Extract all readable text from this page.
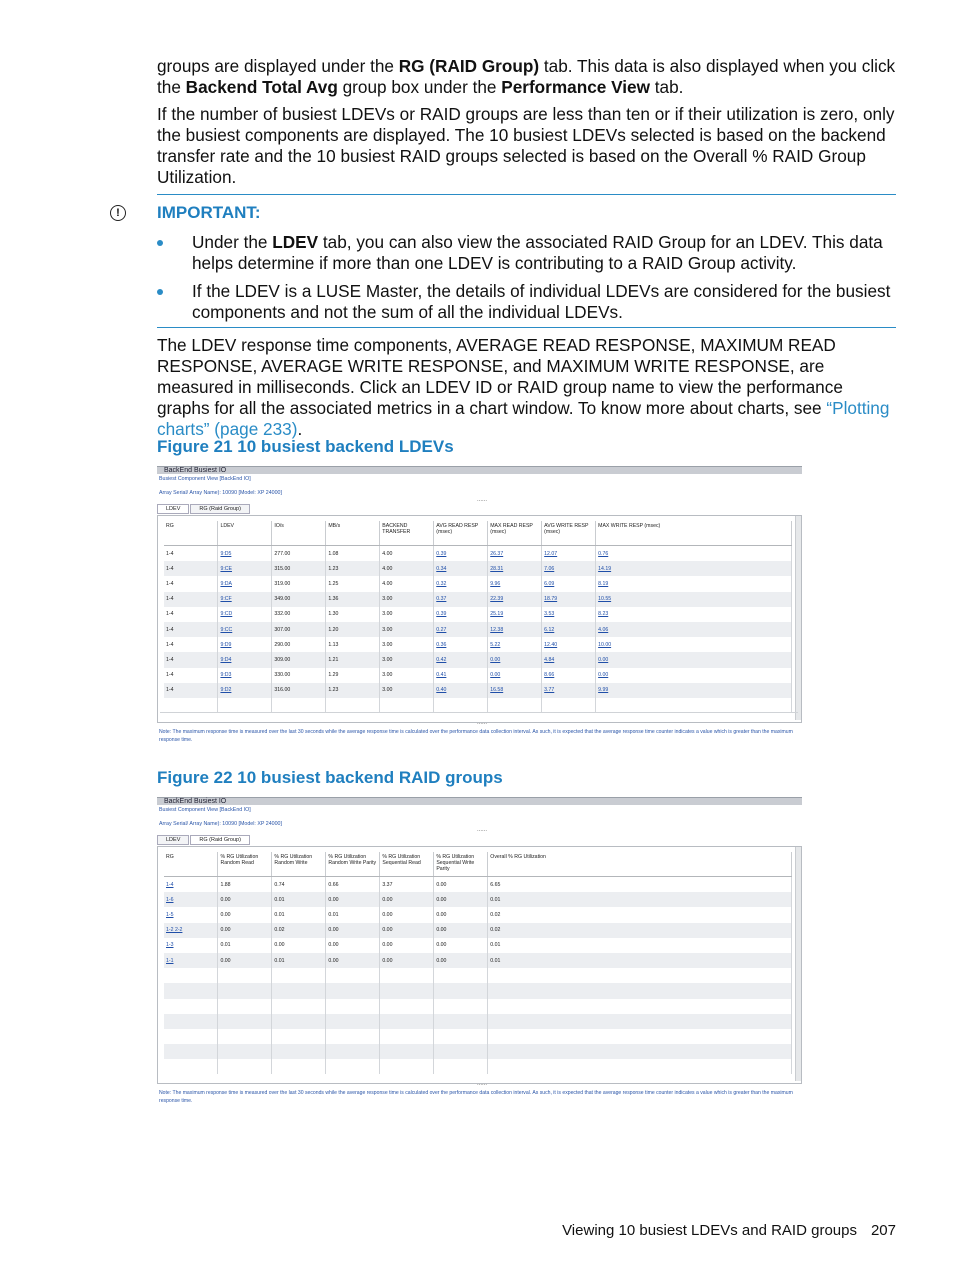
groups are displayed under the RG (RAID Group) tab. This data is also displayed when you click the Backend Total Avg group box under the Performance View tab.
If the number of busiest LDEVs or RAID groups are less than ten or if their utilization is zero, only the busiest components are displayed. The 10 busiest LDEVs selected is based on the backend transfer rate and the 10 busiest RAID groups selected is based on the Overall % RAID Group Utilization.
!	IMPORTANT:
Under the LDEV tab, you can also view the associated RAID Group for an LDEV. This data helps determine if more than one LDEV is contributing to a RAID Group activity.
If the LDEV is a LUSE Master, the details of individual LDEVs are considered for the busiest components and not the sum of all the individual LDEVs.
The LDEV response time components, AVERAGE READ RESPONSE, MAXIMUM READ RESPONSE, AVERAGE WRITE RESPONSE, and MAXIMUM WRITE RESPONSE, are measured in milliseconds. Click an LDEV ID or RAID group name to view the performance graphs for all the associated metrics in a chart window. To know more about charts, see “Plotting charts” (page 233).
Figure 21 10 busiest backend LDEVs
BackEnd Busiest IO
Busiest Component View [BackEnd IO]
Array Serial/ Array Name): 10090 [Model: XP 24000]
......
LDEV	RG (Raid Group)
RG	LDEV	IO/s	MB/s	BACKEND TRANSFER	AVG READ RESP (msec)	MAX READ RESP (msec)	AVG WRITE RESP (msec)	MAX WRITE RESP (msec)
1-4	9:D5	277.00	1.08	4.00	0.39	26.37	12.07	0.76
1-4	9:CE	315.00	1.23	4.00	0.34	28.31	7.06	14.19
1-4	9:DA	319.00	1.25	4.00	0.32	9.96	6.09	8.19
1-4	9:CF	349.00	1.36	3.00	0.37	22.39	18.79	10.55
1-4	9:CD	332.00	1.30	3.00	0.39	25.19	3.53	8.23
1-4	9:CC	307.00	1.20	3.00	0.27	12.38	6.12	4.06
1-4	9:D9	290.00	1.13	3.00	0.36	5.22	12.40	10.00
1-4	9:D4	309.00	1.21	3.00	0.42	0.00	4.84	0.00
1-4	9:D3	330.00	1.29	3.00	0.41	0.00	8.66	0.00
1-4	9:D2	316.00	1.23	3.00	0.40	16.58	3.77	9.99

......
Note: The maximum response time is measured over the last 30 seconds while the average response time is calculated over the performance data collection interval. As such, it is expected that the average response time counter indicates a value which is greater than the maximum response time.
Figure 22 10 busiest backend RAID groups
BackEnd Busiest IO
Busiest Component View [BackEnd IO]
Array Serial/ Array Name): 10090 [Model: XP 24000]
......
LDEV	RG (Raid Group)
RG	% RG Utilization Random Read	% RG Utilization Random Write	% RG Utilization Random Write Parity	% RG Utilization Sequential Read	% RG Utilization Sequential Write Parity	Overall % RG Utilization
1-4	1.88	0.74	0.66	3.37	0.00	6.65
1-6	0.00	0.01	0.00	0.00	0.00	0.01
1-5	0.00	0.01	0.01	0.00	0.00	0.02
1-2 2-2	0.00	0.02	0.00	0.00	0.00	0.02
1-3	0.01	0.00	0.00	0.00	0.00	0.01
1-1	0.00	0.01	0.00	0.00	0.00	0.01

......
Note: The maximum response time is measured over the last 30 seconds while the average response time is calculated over the performance data collection interval. As such, it is expected that the average response time counter indicates a value which is greater than the maximum response time.
Viewing 10 busiest LDEVs and RAID groups 207
